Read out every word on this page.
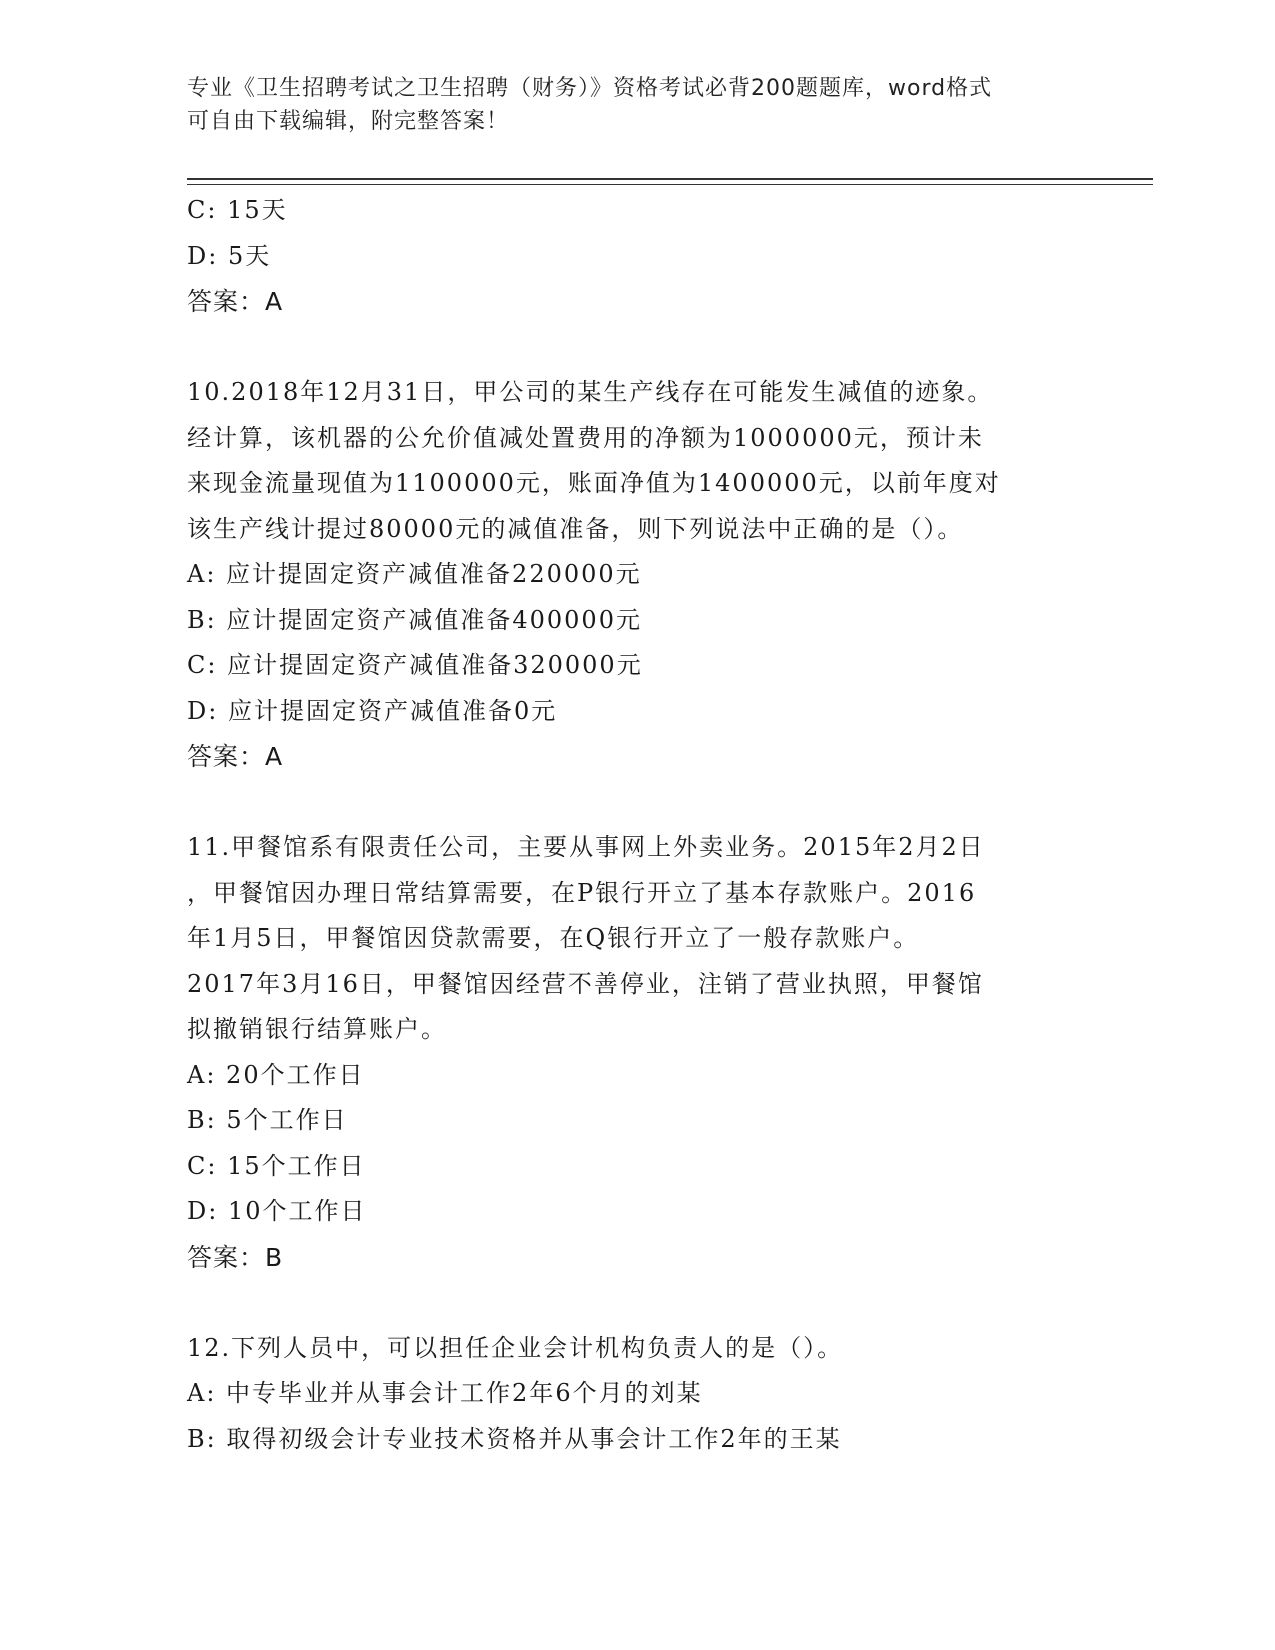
专业《卫生招聘考试之卫生招聘（财务）》资格考试必背200题题库，word格式
可自由下载编辑，附完整答案！
C: 15天
D: 5天
答案：A
10.2018年12月31日，甲公司的某生产线存在可能发生减值的迹象。
经计算，该机器的公允价值减处置费用的净额为1000000元，预计未
来现金流量现值为1100000元，账面净值为1400000元，以前年度对
该生产线计提过80000元的减值准备，则下列说法中正确的是（）。
A: 应计提固定资产减值准备220000元
B: 应计提固定资产减值准备400000元
C: 应计提固定资产减值准备320000元
D: 应计提固定资产减值准备0元
答案：A
11.甲餐馆系有限责任公司，主要从事网上外卖业务。2015年2月2日
，甲餐馆因办理日常结算需要，在P银行开立了基本存款账户。2016
年1月5日，甲餐馆因贷款需要，在Q银行开立了一般存款账户。
2017年3月16日，甲餐馆因经营不善停业，注销了营业执照，甲餐馆
拟撤销银行结算账户。
A: 20个工作日
B: 5个工作日
C: 15个工作日
D: 10个工作日
答案：B
12.下列人员中，可以担任企业会计机构负责人的是（）。
A: 中专毕业并从事会计工作2年6个月的刘某
B: 取得初级会计专业技术资格并从事会计工作2年的王某
